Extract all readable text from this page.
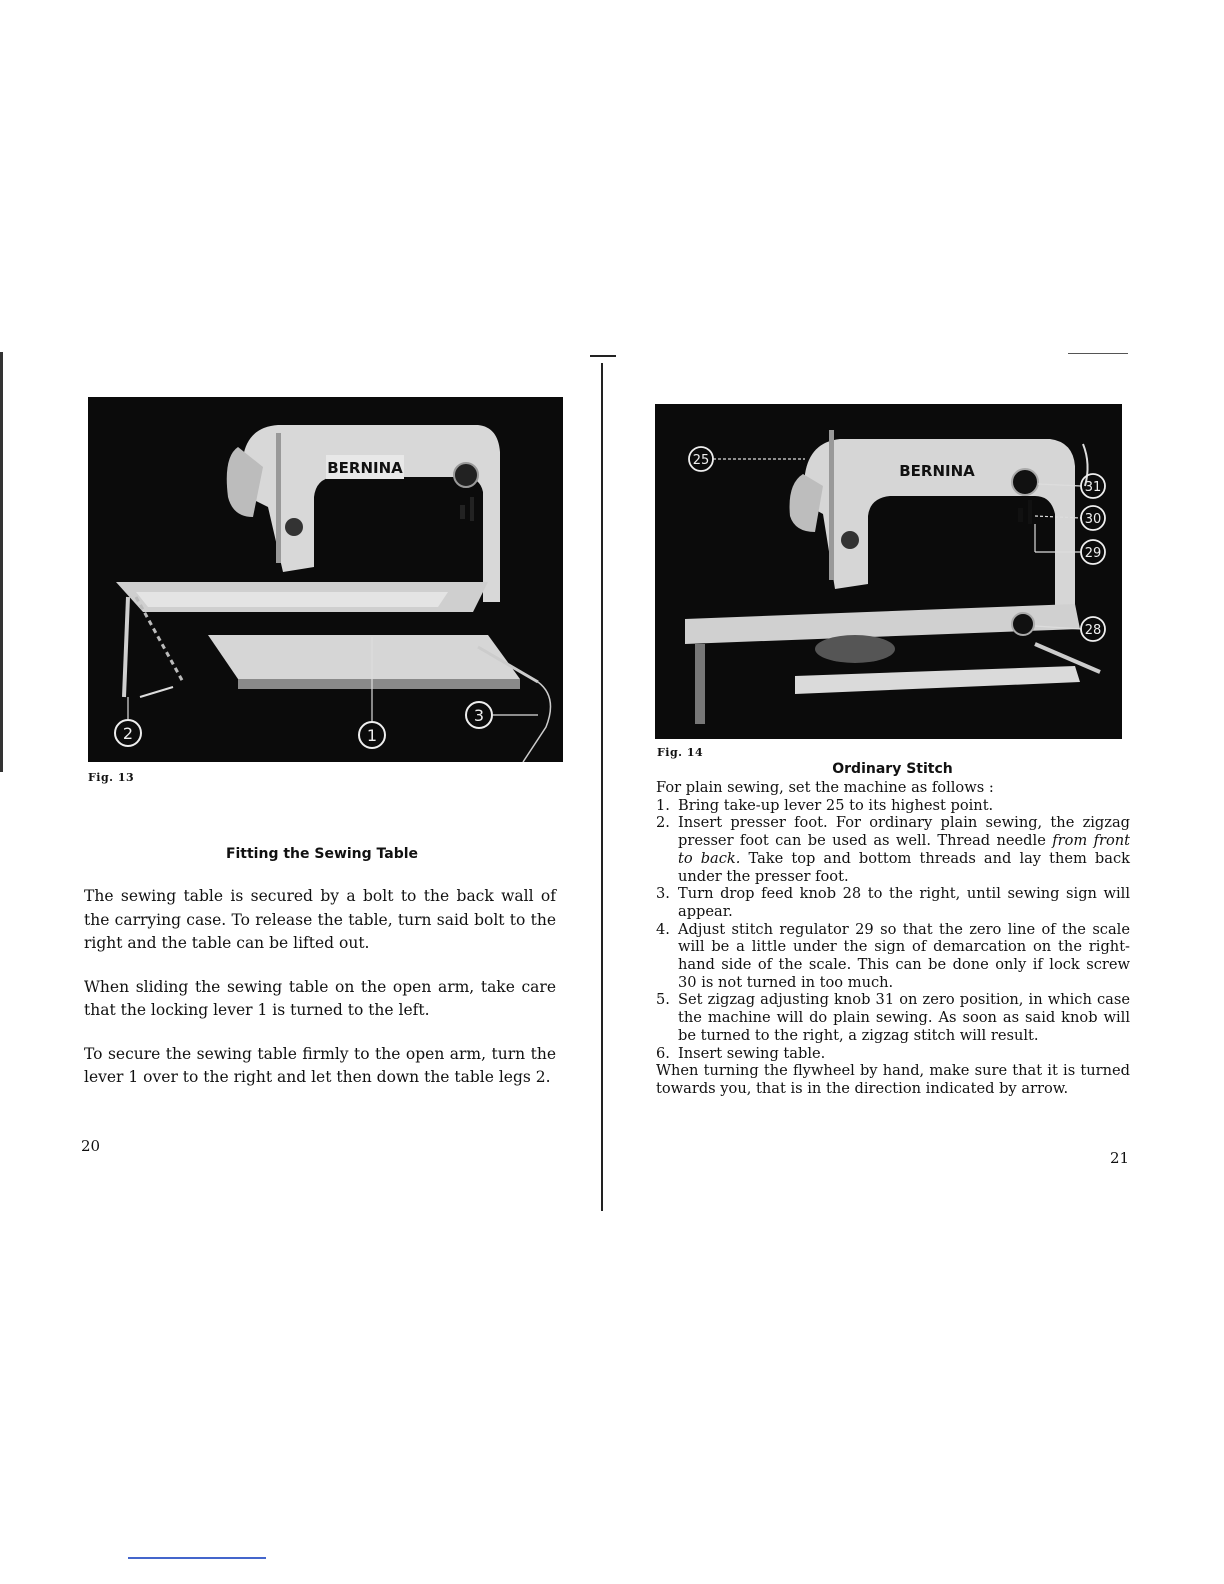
BERNINA
2	1
3
Fig. 13
Fitting the Sewing Table

The sewing table is secured by a bolt to the back wall of the carrying case. To release the table, turn said bolt to the right and the table can be lifted out.

When sliding the sewing table on the open arm, take care that the locking lever 1 is turned to the left.

To secure the sewing table firmly to the open arm, turn the lever 1 over to the right and let then down the table legs 2.

20
BERNINA
25
31
30
29
28
Fig. 14
Ordinary Stitch

For plain sewing, set the machine as follows :

1. Bring take-up lever 25 to its highest point.
2. Insert presser foot. For ordinary plain sewing, the zigzag presser foot can be used as well. Thread needle from front to back. Take top and bottom threads and lay them back under the presser foot.
3. Turn drop feed knob 28 to the right, until sewing sign will appear.
4. Adjust stitch regulator 29 so that the zero line of the scale will be a little under the sign of demarcation on the right-hand side of the scale. This can be done only if lock screw 30 is not turned in too much.
5. Set zigzag adjusting knob 31 on zero position, in which case the machine will do plain sewing. As soon as said knob will be turned to the right, a zigzag stitch will result.
6. Insert sewing table.

When turning the flywheel by hand, make sure that it is turned towards you, that is in the direction indicated by arrow.

21
